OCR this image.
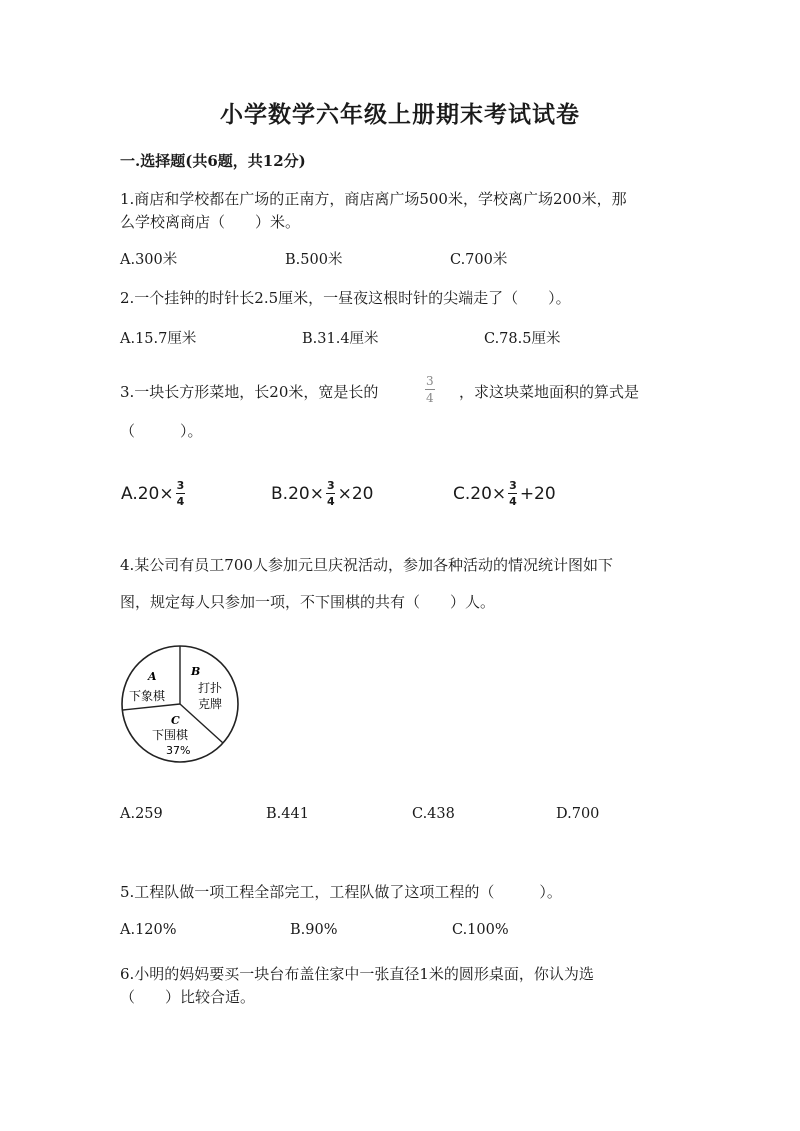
小学数学六年级上册期末考试试卷
一.选择题(共6题，共12分)
1.商店和学校都在广场的正南方，商店离广场500米，学校离广场200米，那
么学校离商店（　　）米。
A.300米	B.500米	C.700米
2.一个挂钟的时针长2.5厘米，一昼夜这根时针的尖端走了（　　）。
A.15.7厘米	B.31.4厘米	C.78.5厘米
3.一块长方形菜地，长20米，宽是长的	$\frac{3}{4}$ ，求这块菜地面积的算式是
（　　　）。
$A.20\times \frac{3}{4}$	$B.20\times \frac{3}{4} \times 20$	$C.20\times \frac{3}{4} +20$
4.某公司有员工700人参加元旦庆祝活动，参加各种活动的情况统计图如下
图，规定每人只参加一项，不下围棋的共有（　　）人。
A
下象棋
B
打扑
克牌
C
下围棋
37%
A.259	B.441	C.438	D.700
5.工程队做一项工程全部完工，工程队做了这项工程的（　　　）。
A.120%	B.90%	C.100%
6.小明的妈妈要买一块台布盖住家中一张直径1米的圆形桌面，你认为选
（　　）比较合适。
